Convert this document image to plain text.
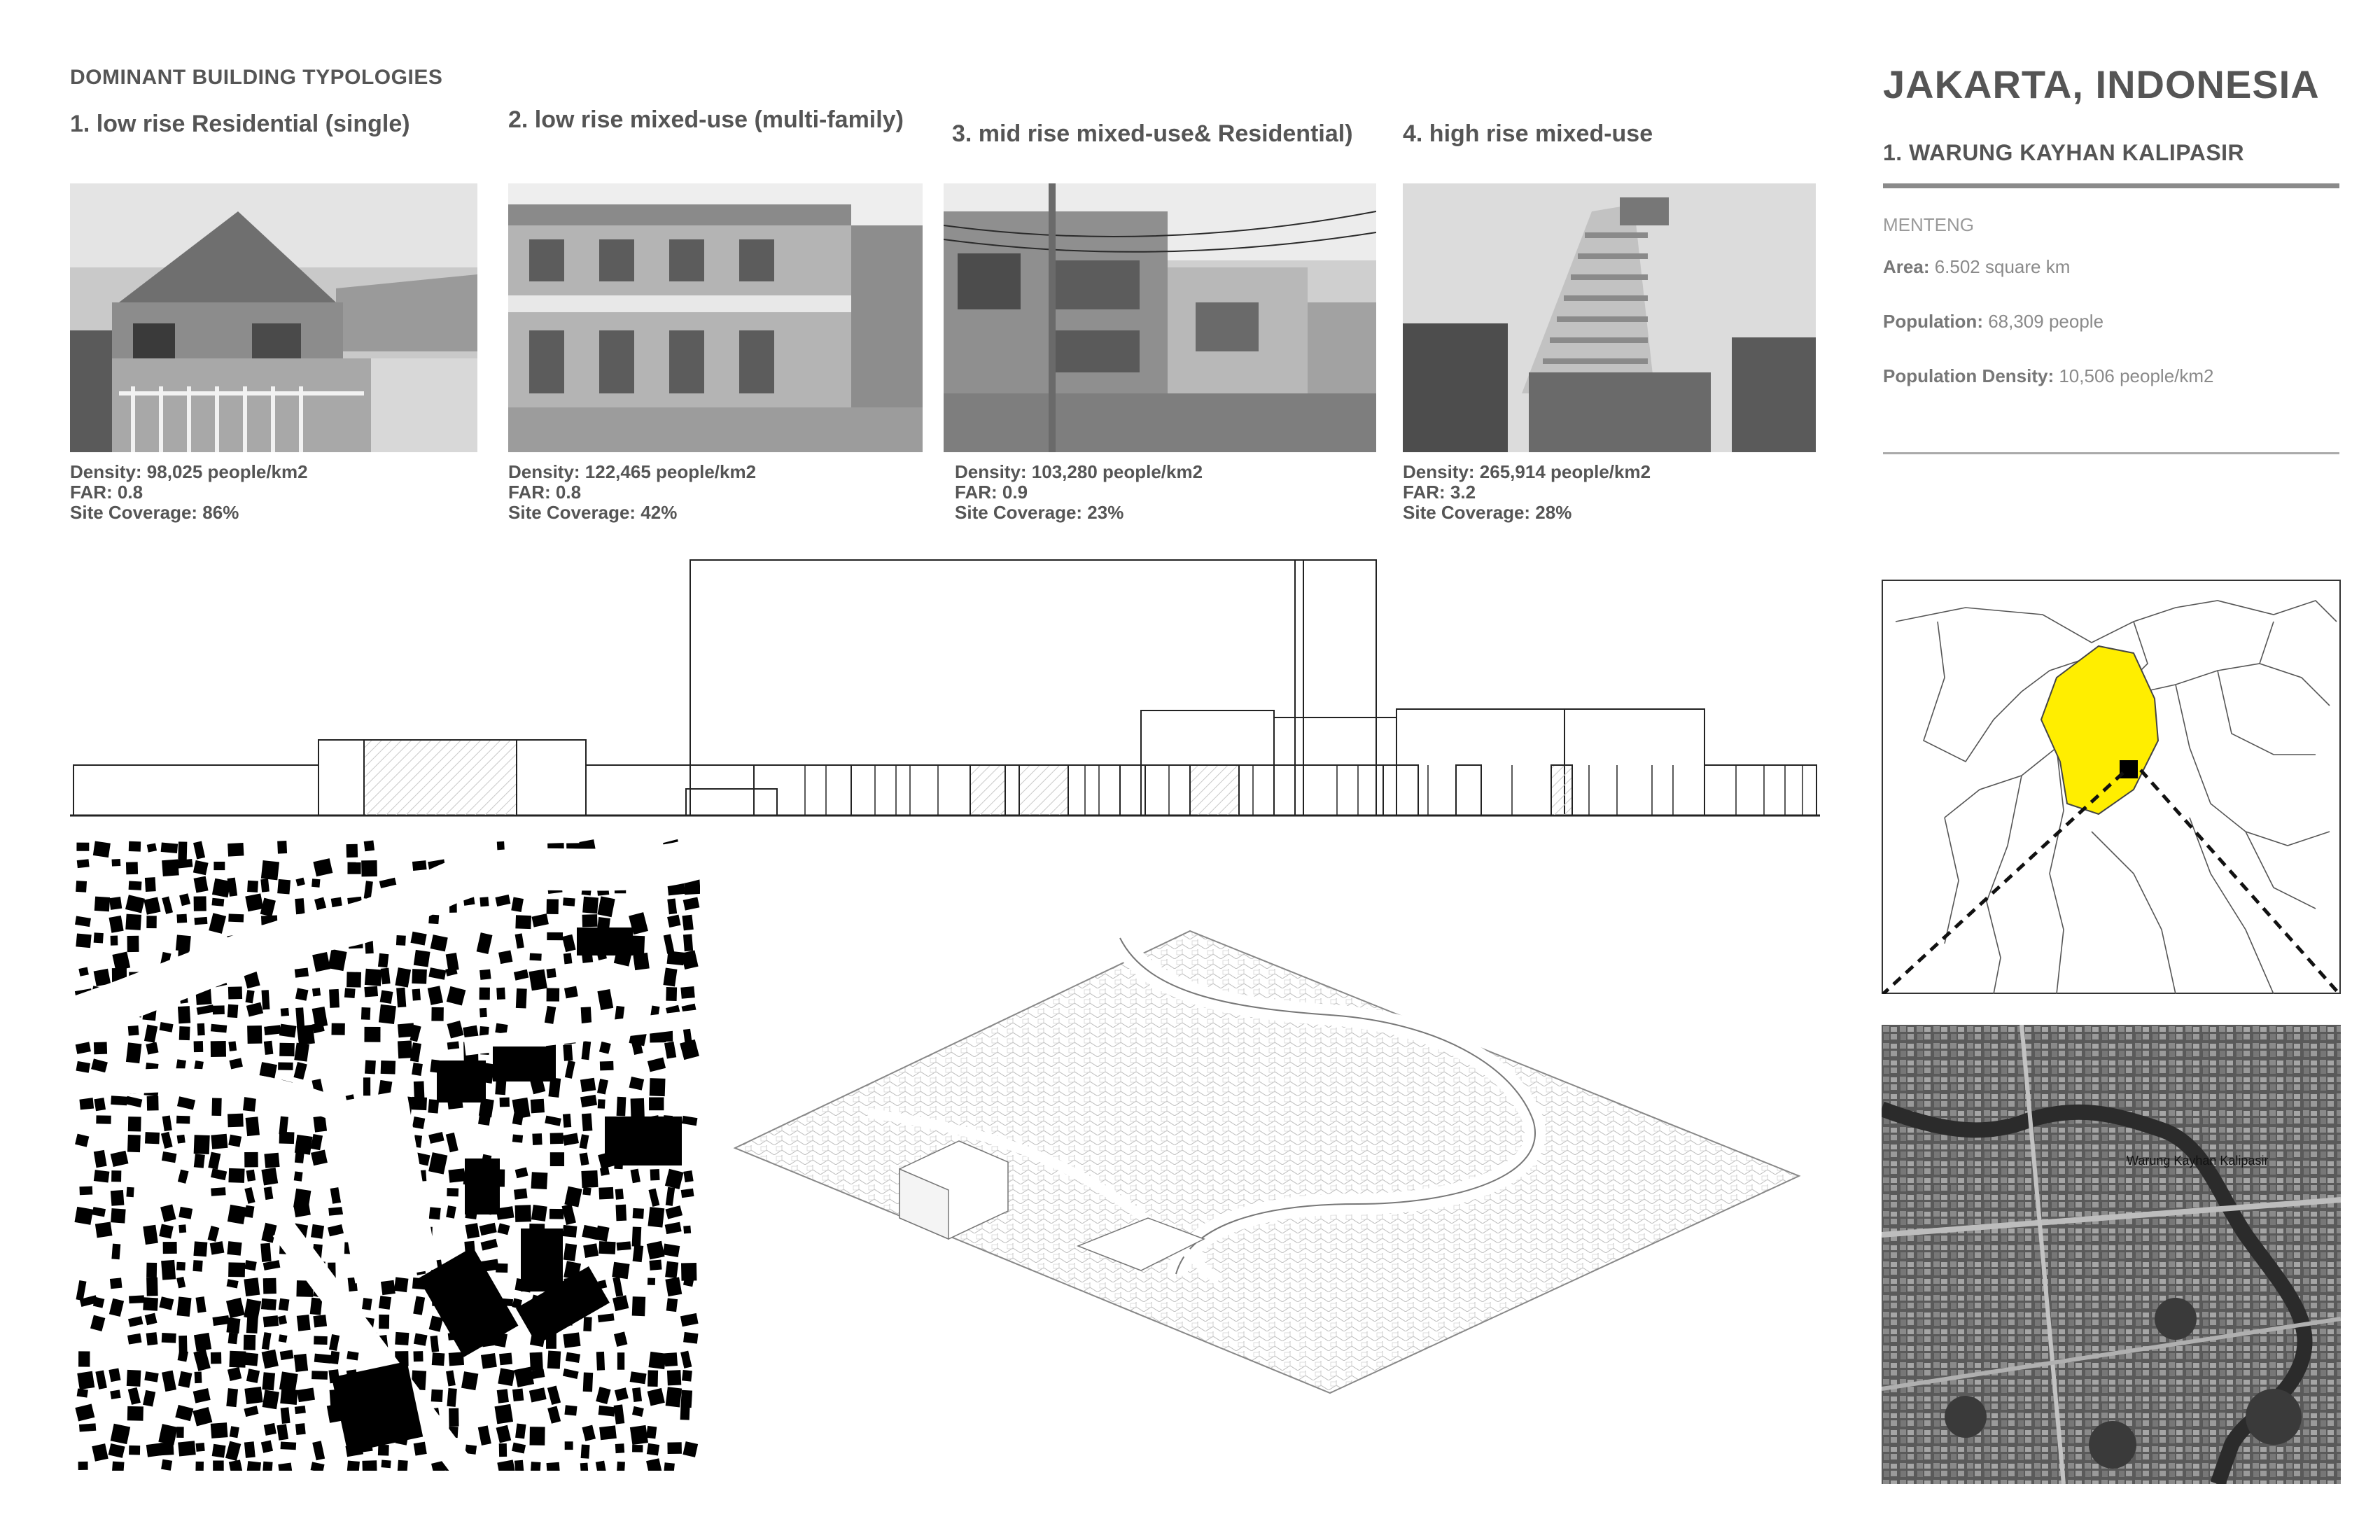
DOMINANT BUILDING TYPOLOGIES
1. low rise Residential (single)	2. low rise mixed-use (multi-family)
3. mid rise mixed-use& Residential) 4. high rise mixed-use
Density: 98,025 people/km2
FAR: 0.8
Site Coverage: 86%
Density: 122,465 people/km2
FAR: 0.8
Site Coverage: 42%
Density: 103,280 people/km2
FAR: 0.9
Site Coverage: 23%
Density: 265,914 people/km2
FAR: 3.2
Site Coverage: 28%
JAKARTA, INDONESIA
1. WARUNG KAYHAN KALIPASIR
MENTENG
Area: 6.502 square km
Population: 68,309 people
Population Density: 10,506 people/km2
Warung Kayhan Kalipasir
